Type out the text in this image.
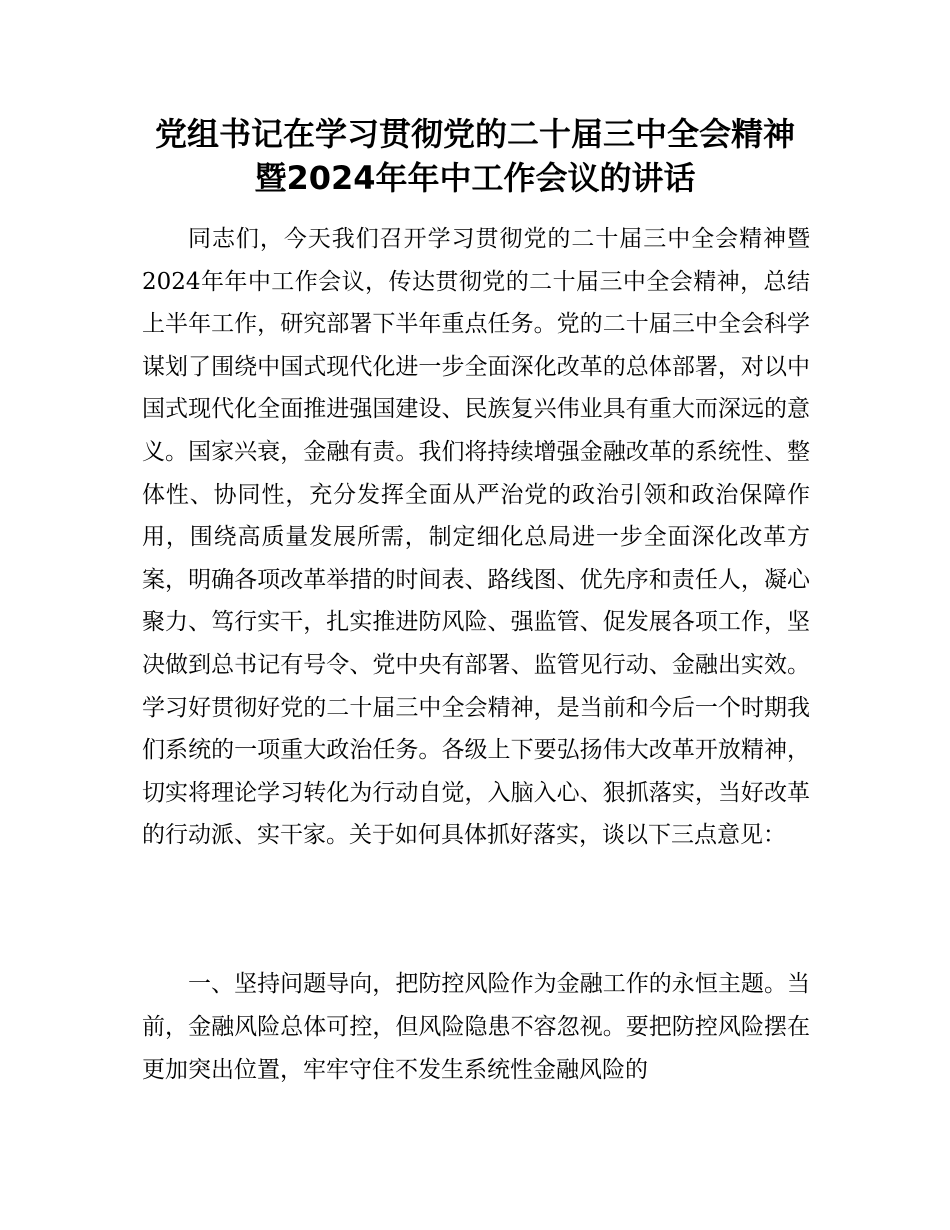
党组书记在学习贯彻党的二十届三中全会精神
暨2024年年中工作会议的讲话

同志们，今天我们召开学习贯彻党的二十届三中全会精神暨2024年年中工作会议，传达贯彻党的二十届三中全会精神，总结上半年工作，研究部署下半年重点任务。党的二十届三中全会科学谋划了围绕中国式现代化进一步全面深化改革的总体部署，对以中国式现代化全面推进强国建设、民族复兴伟业具有重大而深远的意义。国家兴衰，金融有责。我们将持续增强金融改革的系统性、整体性、协同性，充分发挥全面从严治党的政治引领和政治保障作用，围绕高质量发展所需，制定细化总局进一步全面深化改革方案，明确各项改革举措的时间表、路线图、优先序和责任人，凝心聚力、笃行实干，扎实推进防风险、强监管、促发展各项工作，坚决做到总书记有号令、党中央有部署、监管见行动、金融出实效。学习好贯彻好党的二十届三中全会精神，是当前和今后一个时期我们系统的一项重大政治任务。各级上下要弘扬伟大改革开放精神，切实将理论学习转化为行动自觉，入脑入心、狠抓落实，当好改革的行动派、实干家。关于如何具体抓好落实，谈以下三点意见：

一、坚持问题导向，把防控风险作为金融工作的永恒主题。当前，金融风险总体可控，但风险隐患不容忽视。要把防控风险摆在更加突出位置，牢牢守住不发生系统性金融风险的
